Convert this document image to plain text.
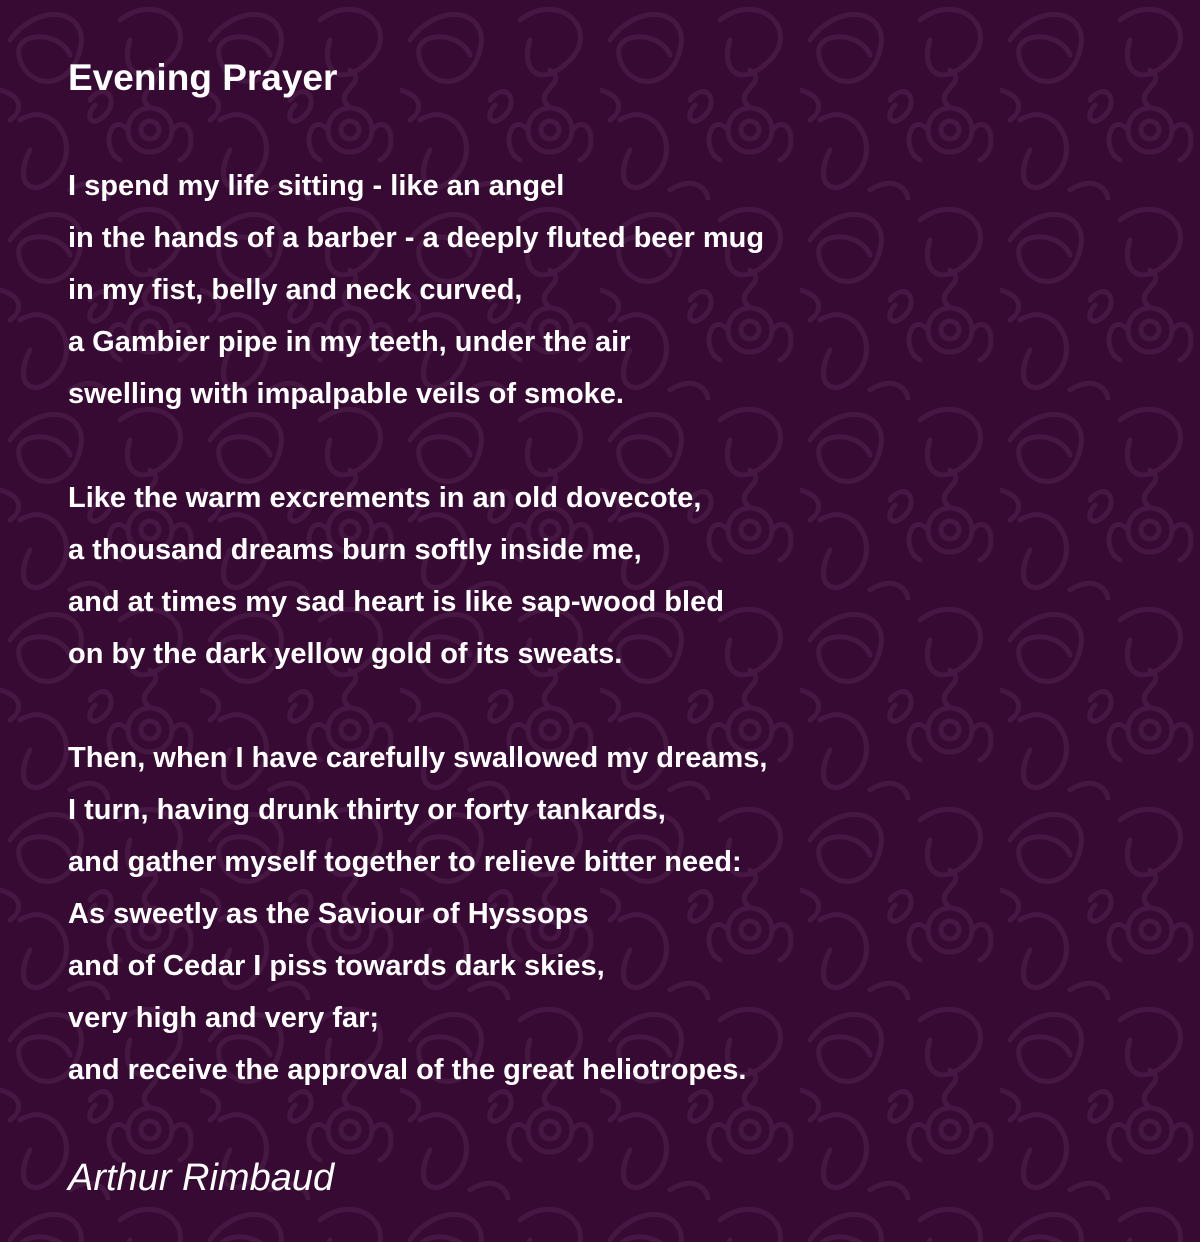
Evening Prayer
I spend my life sitting - like an angel
in the hands of a barber - a deeply fluted beer mug
in my fist, belly and neck curved,
a Gambier pipe in my teeth, under the air
swelling with impalpable veils of smoke.
Like the warm excrements in an old dovecote,
a thousand dreams burn softly inside me,
and at times my sad heart is like sap-wood bled
on by the dark yellow gold of its sweats.
Then, when I have carefully swallowed my dreams,
I turn, having drunk thirty or forty tankards,
and gather myself together to relieve bitter need:
As sweetly as the Saviour of Hyssops
and of Cedar I piss towards dark skies,
very high and very far;
and receive the approval of the great heliotropes.
Arthur Rimbaud
